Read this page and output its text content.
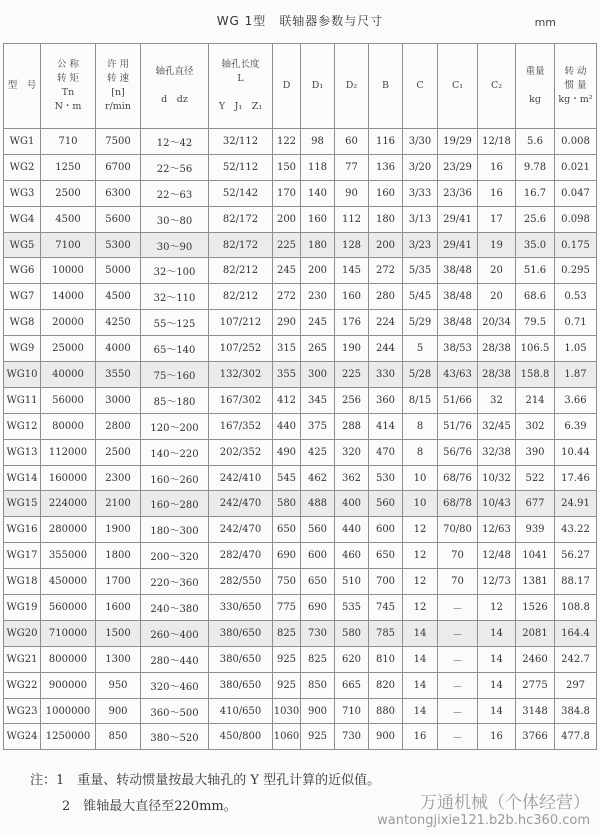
WG 1型　联轴器参数与尺寸	mm
型　号	公 称
转 矩
Tn
N・m	许 用
转 速
[n]
r/min	轴孔直径

d　dz	轴孔长度
L

Y　J₁　Z₁	D	D₁	D₂	B	C	C₁	C₂	重量

kg	转 动
惯 量
kg・m²

WG1	710	7500	12～42	32/112	122	98	60	116	3/30	19/29	12/18	5.6	0.008
WG2	1250	6700	22～56	52/112	150	118	77	136	3/20	23/29	16	9.78	0.021
WG3	2500	6300	22～63	52/142	170	140	90	160	3/33	23/36	16	16.7	0.047
WG4	4500	5600	30～80	82/172	200	160	112	180	3/13	29/41	17	25.6	0.098
WG5	7100	5300	30～90	82/172	225	180	128	200	3/23	29/41	19	35.0	0.175
WG6	10000	5000	32～100	82/212	245	200	145	272	5/35	38/48	20	51.6	0.295
WG7	14000	4500	32～110	82/212	272	230	160	280	5/45	38/48	20	68.6	0.53
WG8	20000	4250	55～125	107/212	290	245	176	224	5/29	38/48	20/34	79.5	0.71
WG9	25000	4000	65～140	107/252	315	265	190	244	5	38/53	28/38	106.5	1.05
WG10	40000	3550	75～160	132/302	355	300	225	330	5/28	43/63	28/38	158.8	1.87
WG11	56000	3000	85～180	167/302	412	345	256	360	8/15	51/66	32	214	3.66
WG12	80000	2800	120～200	167/352	440	375	288	414	8	51/76	32/45	302	6.39
WG13	112000	2500	140～220	202/352	490	425	320	470	8	56/76	32/38	390	10.44
WG14	160000	2300	160～260	242/410	545	462	362	530	10	68/76	10/32	522	17.46
WG15	224000	2100	160～280	242/470	580	488	400	560	10	68/78	10/43	677	24.91
WG16	280000	1900	180～300	242/470	650	560	440	600	12	70/80	12/63	939	43.22
WG17	355000	1800	200～320	282/470	690	600	460	650	12	70	12/48	1041	56.27
WG18	450000	1700	220～360	282/550	750	650	510	700	12	70	12/73	1381	88.17
WG19	560000	1600	240～380	330/650	775	690	535	745	12	－	12	1526	108.8
WG20	710000	1500	260～400	380/650	825	730	580	785	14	－	14	2081	164.4
WG21	800000	1300	280～440	380/650	925	825	620	810	14	－	14	2460	242.7
WG22	900000	950	320～460	380/650	925	850	665	820	14	－	14	2775	297
WG23	1000000	900	360～500	410/650	1030	900	710	880	14	－	14	3148	384.8
WG24	1250000	850	380～520	450/800	1060	925	730	900	16	－	16	3766	477.8
注：1　重量、转动惯量按最大轴孔的 Y 型孔计算的近似值。
2　锥轴最大直径至220mm。	万通机械（个体经营）
wantongjixie121.b2b.hc360.com
